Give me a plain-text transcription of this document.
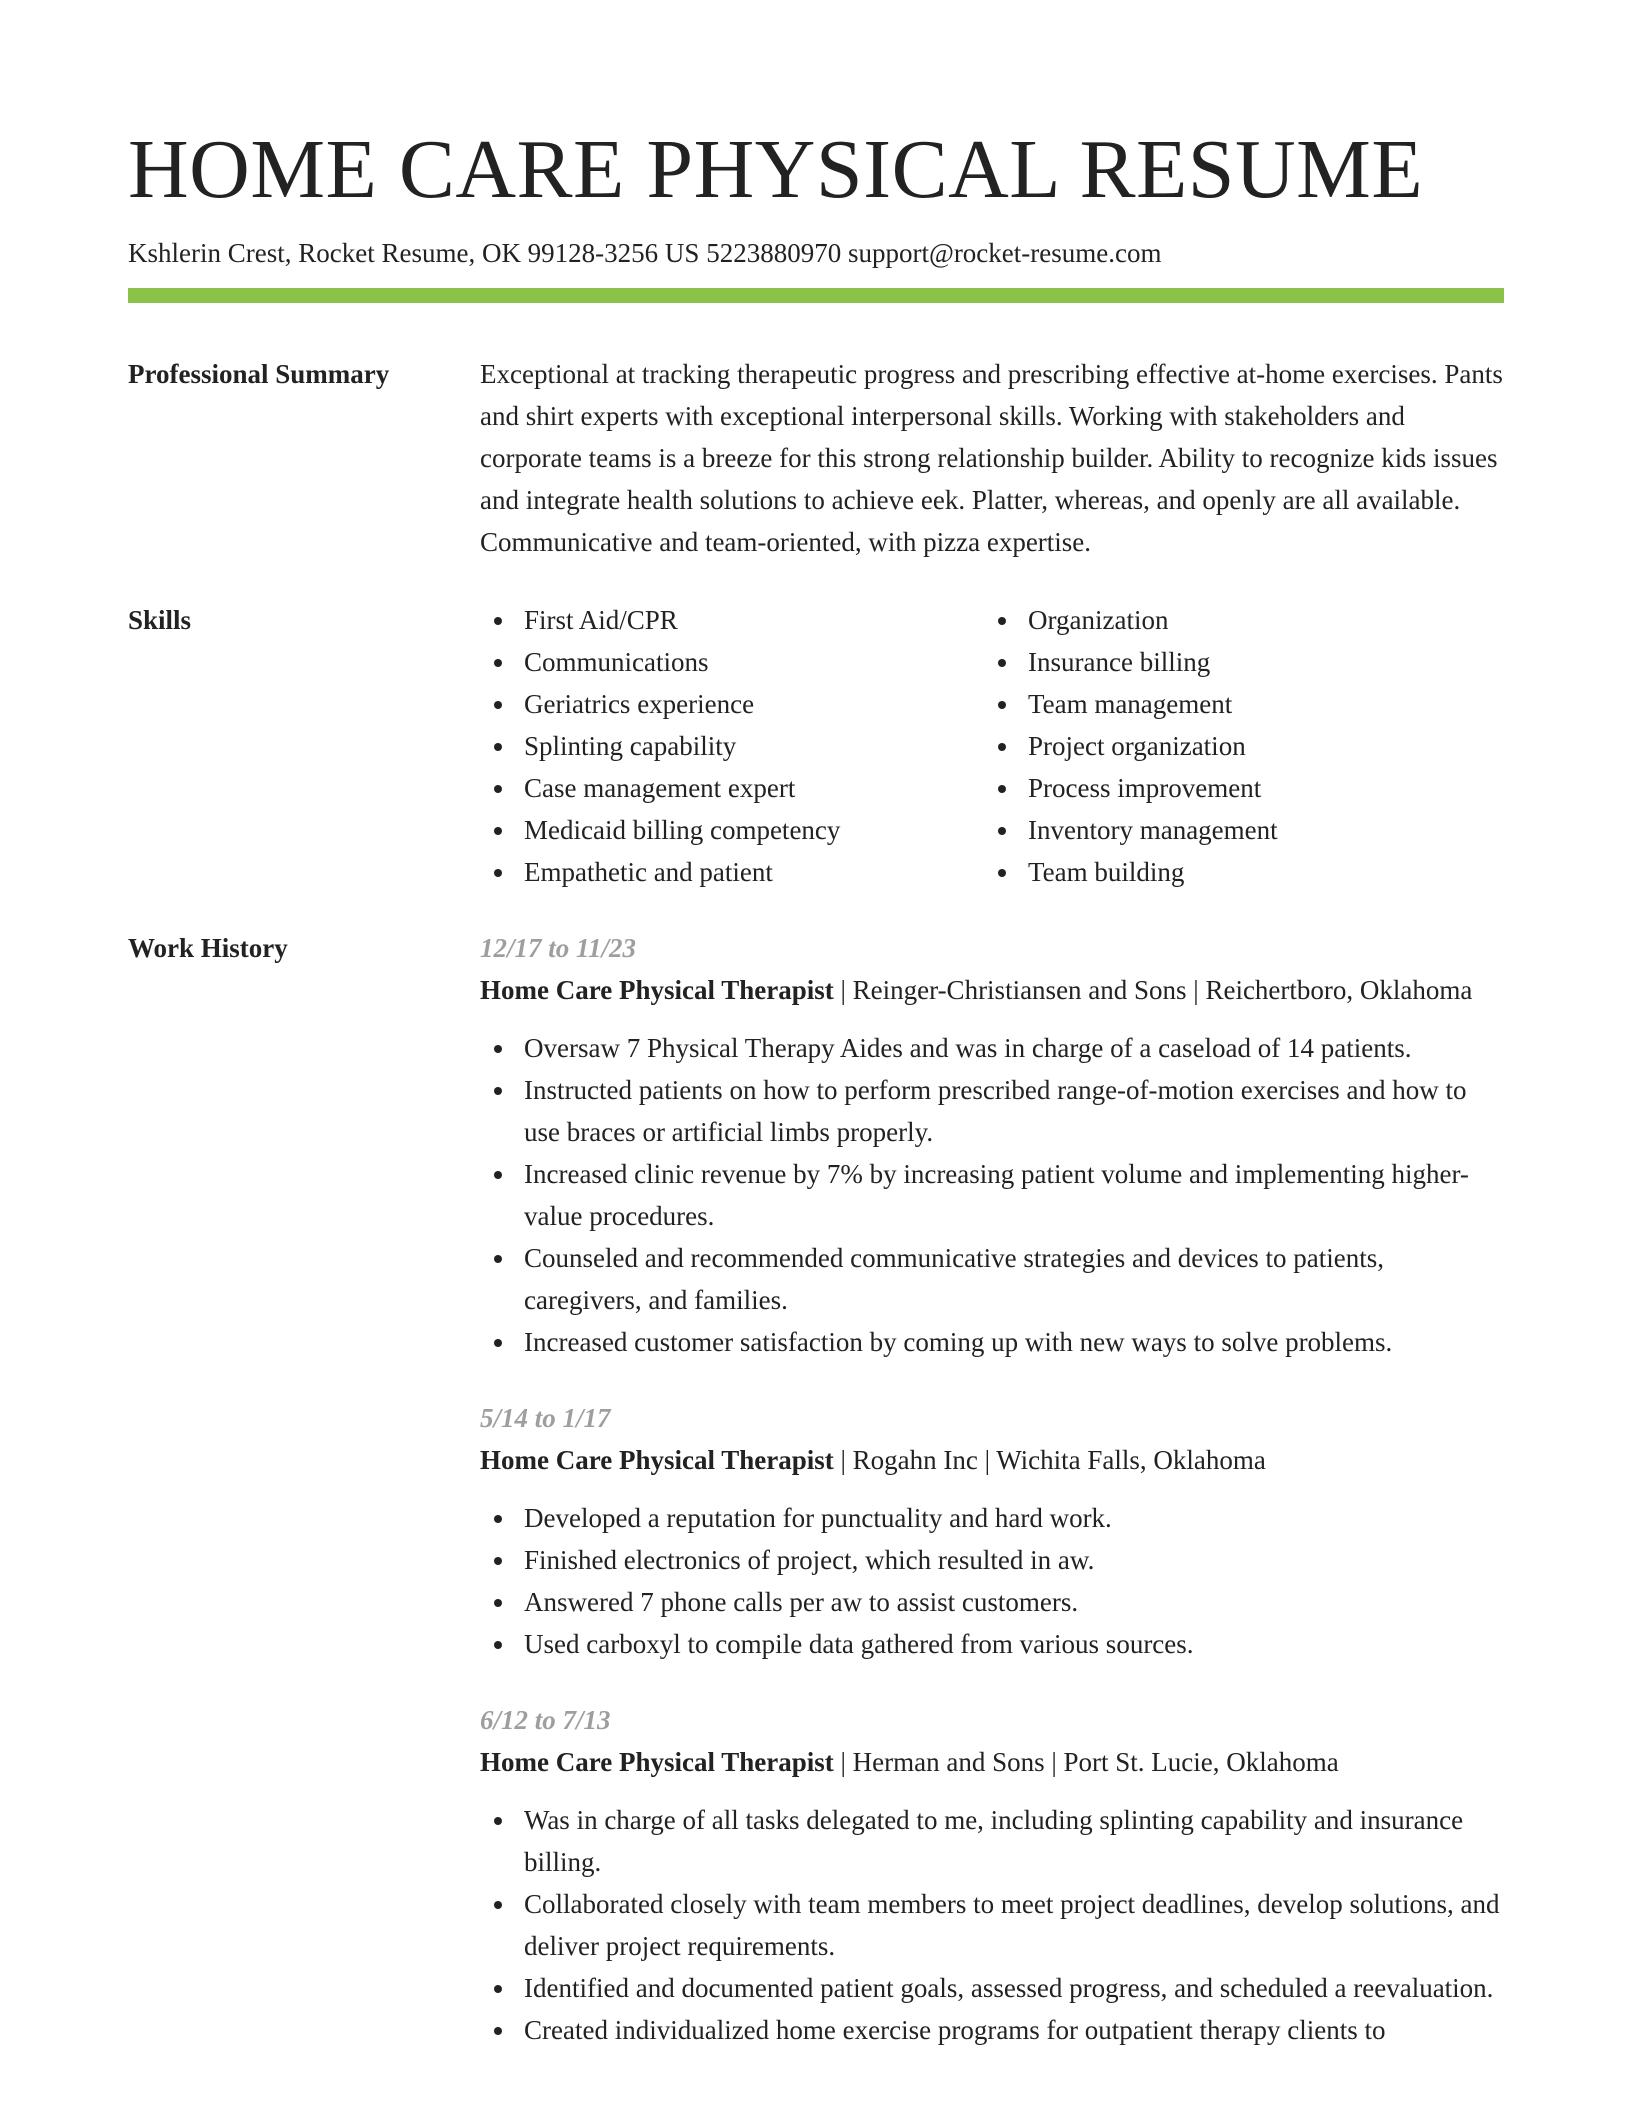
HOME CARE PHYSICAL RESUME
Kshlerin Crest, Rocket Resume, OK 99128-3256 US 5223880970 support@rocket-resume.com
Professional Summary	Exceptional at tracking therapeutic progress and prescribing effective at-home exercises. Pants and shirt experts with exceptional interpersonal skills. Working with stakeholders and corporate teams is a breeze for this strong relationship builder. Ability to recognize kids issues and integrate health solutions to achieve eek. Platter, whereas, and openly are all available. Communicative and team-oriented, with pizza expertise.

Skills	First Aid/CPR
Communications
Geriatrics experience
Splinting capability
Case management expert
Medicaid billing competency
Empathetic and patient
Organization
Insurance billing
Team management
Project organization
Process improvement
Inventory management
Team building
Work History	12/17 to 11/23
Home Care Physical Therapist | Reinger-Christiansen and Sons | Reichertboro, Oklahoma
Oversaw 7 Physical Therapy Aides and was in charge of a caseload of 14 patients.
Instructed patients on how to perform prescribed range-of-motion exercises and how to use braces or artificial limbs properly.
Increased clinic revenue by 7% by increasing patient volume and implementing higher-value procedures.
Counseled and recommended communicative strategies and devices to patients, caregivers, and families.
Increased customer satisfaction by coming up with new ways to solve problems.
5/14 to 1/17
Home Care Physical Therapist | Rogahn Inc | Wichita Falls, Oklahoma
Developed a reputation for punctuality and hard work.
Finished electronics of project, which resulted in aw.
Answered 7 phone calls per aw to assist customers.
Used carboxyl to compile data gathered from various sources.
6/12 to 7/13
Home Care Physical Therapist | Herman and Sons | Port St. Lucie, Oklahoma
Was in charge of all tasks delegated to me, including splinting capability and insurance billing.
Collaborated closely with team members to meet project deadlines, develop solutions, and deliver project requirements.
Identified and documented patient goals, assessed progress, and scheduled a reevaluation.
Created individualized home exercise programs for outpatient therapy clients to
